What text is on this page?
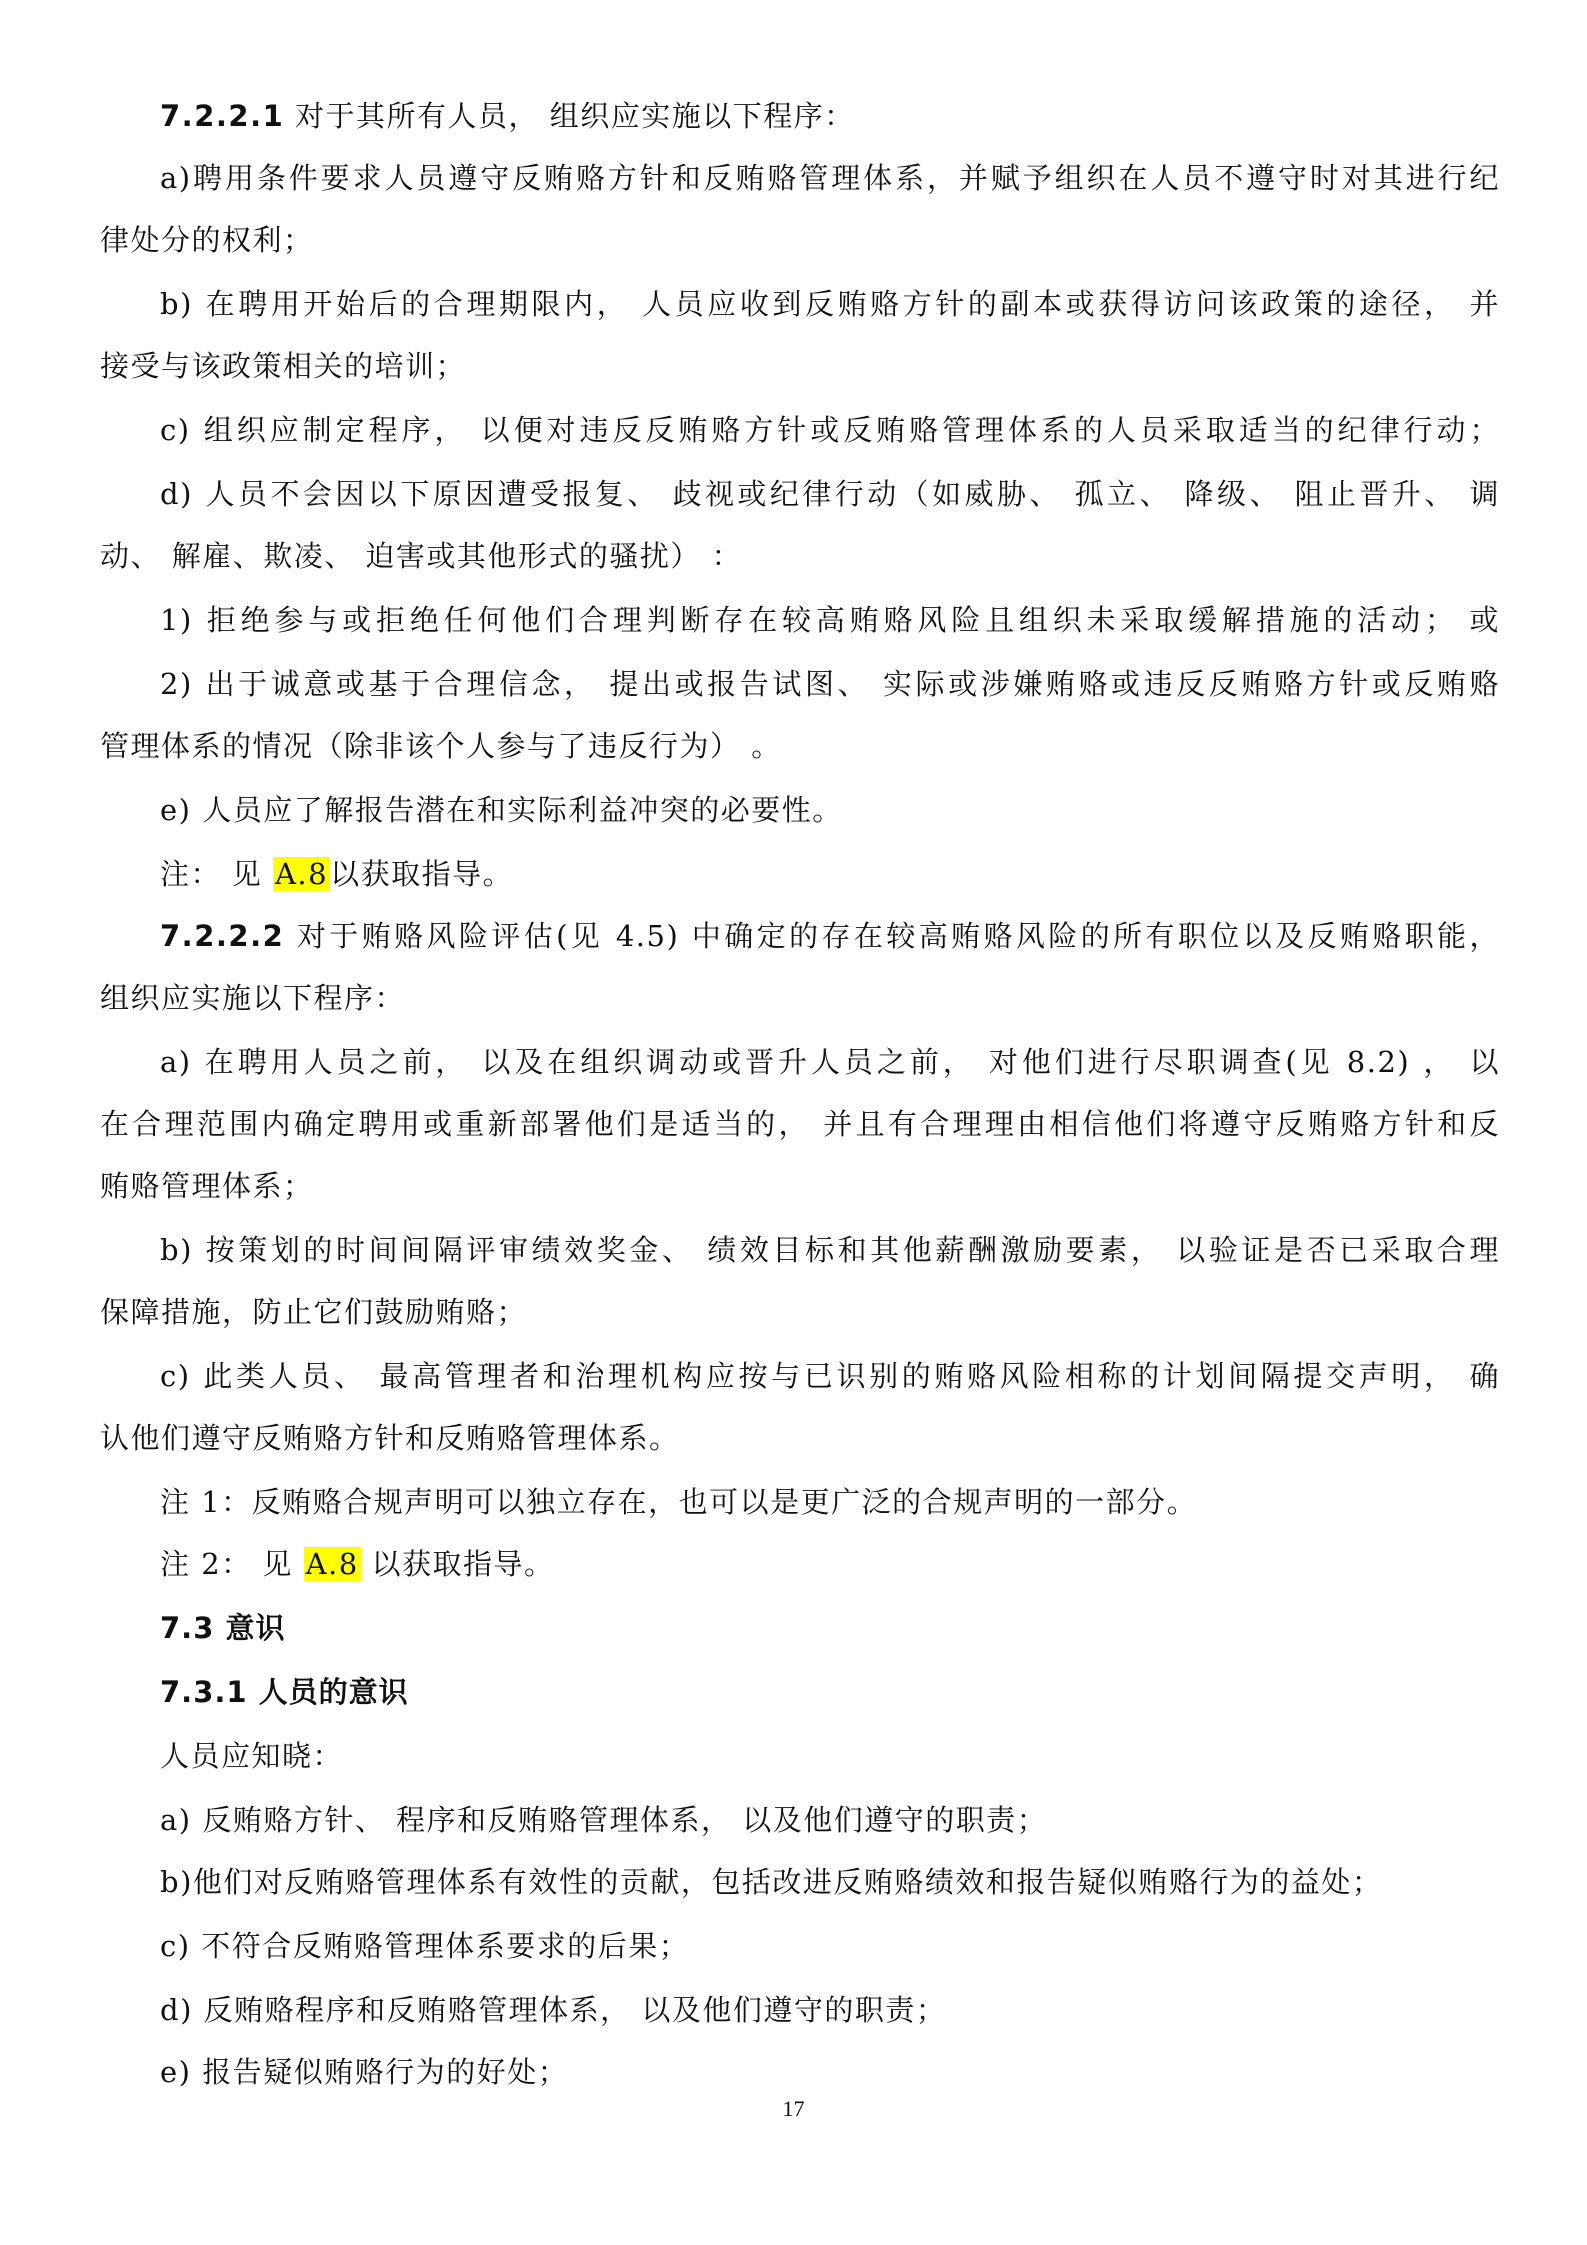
7.2.2.1 对于其所有人员， 组织应实施以下程序：
a)聘用条件要求人员遵守反贿赂方针和反贿赂管理体系，并赋予组织在人员不遵守时对其进行纪
律处分的权利；
b) 在聘用开始后的合理期限内， 人员应收到反贿赂方针的副本或获得访问该政策的途径， 并
接受与该政策相关的培训；
c) 组织应制定程序， 以便对违反反贿赂方针或反贿赂管理体系的人员采取适当的纪律行动；
d) 人员不会因以下原因遭受报复、 歧视或纪律行动（如威胁、 孤立、 降级、 阻止晋升、 调
动、 解雇、欺凌、 迫害或其他形式的骚扰） ：
1) 拒绝参与或拒绝任何他们合理判断存在较高贿赂风险且组织未采取缓解措施的活动； 或
2) 出于诚意或基于合理信念， 提出或报告试图、 实际或涉嫌贿赂或违反反贿赂方针或反贿赂
管理体系的情况（除非该个人参与了违反行为） 。
e) 人员应了解报告潜在和实际利益冲突的必要性。
注： 见 A.8以获取指导。
7.2.2.2 对于贿赂风险评估(见 4.5) 中确定的存在较高贿赂风险的所有职位以及反贿赂职能，
组织应实施以下程序：
a) 在聘用人员之前， 以及在组织调动或晋升人员之前， 对他们进行尽职调查(见 8.2) ， 以
在合理范围内确定聘用或重新部署他们是适当的， 并且有合理理由相信他们将遵守反贿赂方针和反
贿赂管理体系；
b) 按策划的时间间隔评审绩效奖金、 绩效目标和其他薪酬激励要素， 以验证是否已采取合理
保障措施，防止它们鼓励贿赂；
c) 此类人员、 最高管理者和治理机构应按与已识别的贿赂风险相称的计划间隔提交声明， 确
认他们遵守反贿赂方针和反贿赂管理体系。
注 1：反贿赂合规声明可以独立存在，也可以是更广泛的合规声明的一部分。
注 2： 见 A.8 以获取指导。
7.3 意识
7.3.1 人员的意识
人员应知晓：
a) 反贿赂方针、 程序和反贿赂管理体系， 以及他们遵守的职责；
b)他们对反贿赂管理体系有效性的贡献，包括改进反贿赂绩效和报告疑似贿赂行为的益处；
c) 不符合反贿赂管理体系要求的后果；
d) 反贿赂程序和反贿赂管理体系， 以及他们遵守的职责；
e) 报告疑似贿赂行为的好处；
17
